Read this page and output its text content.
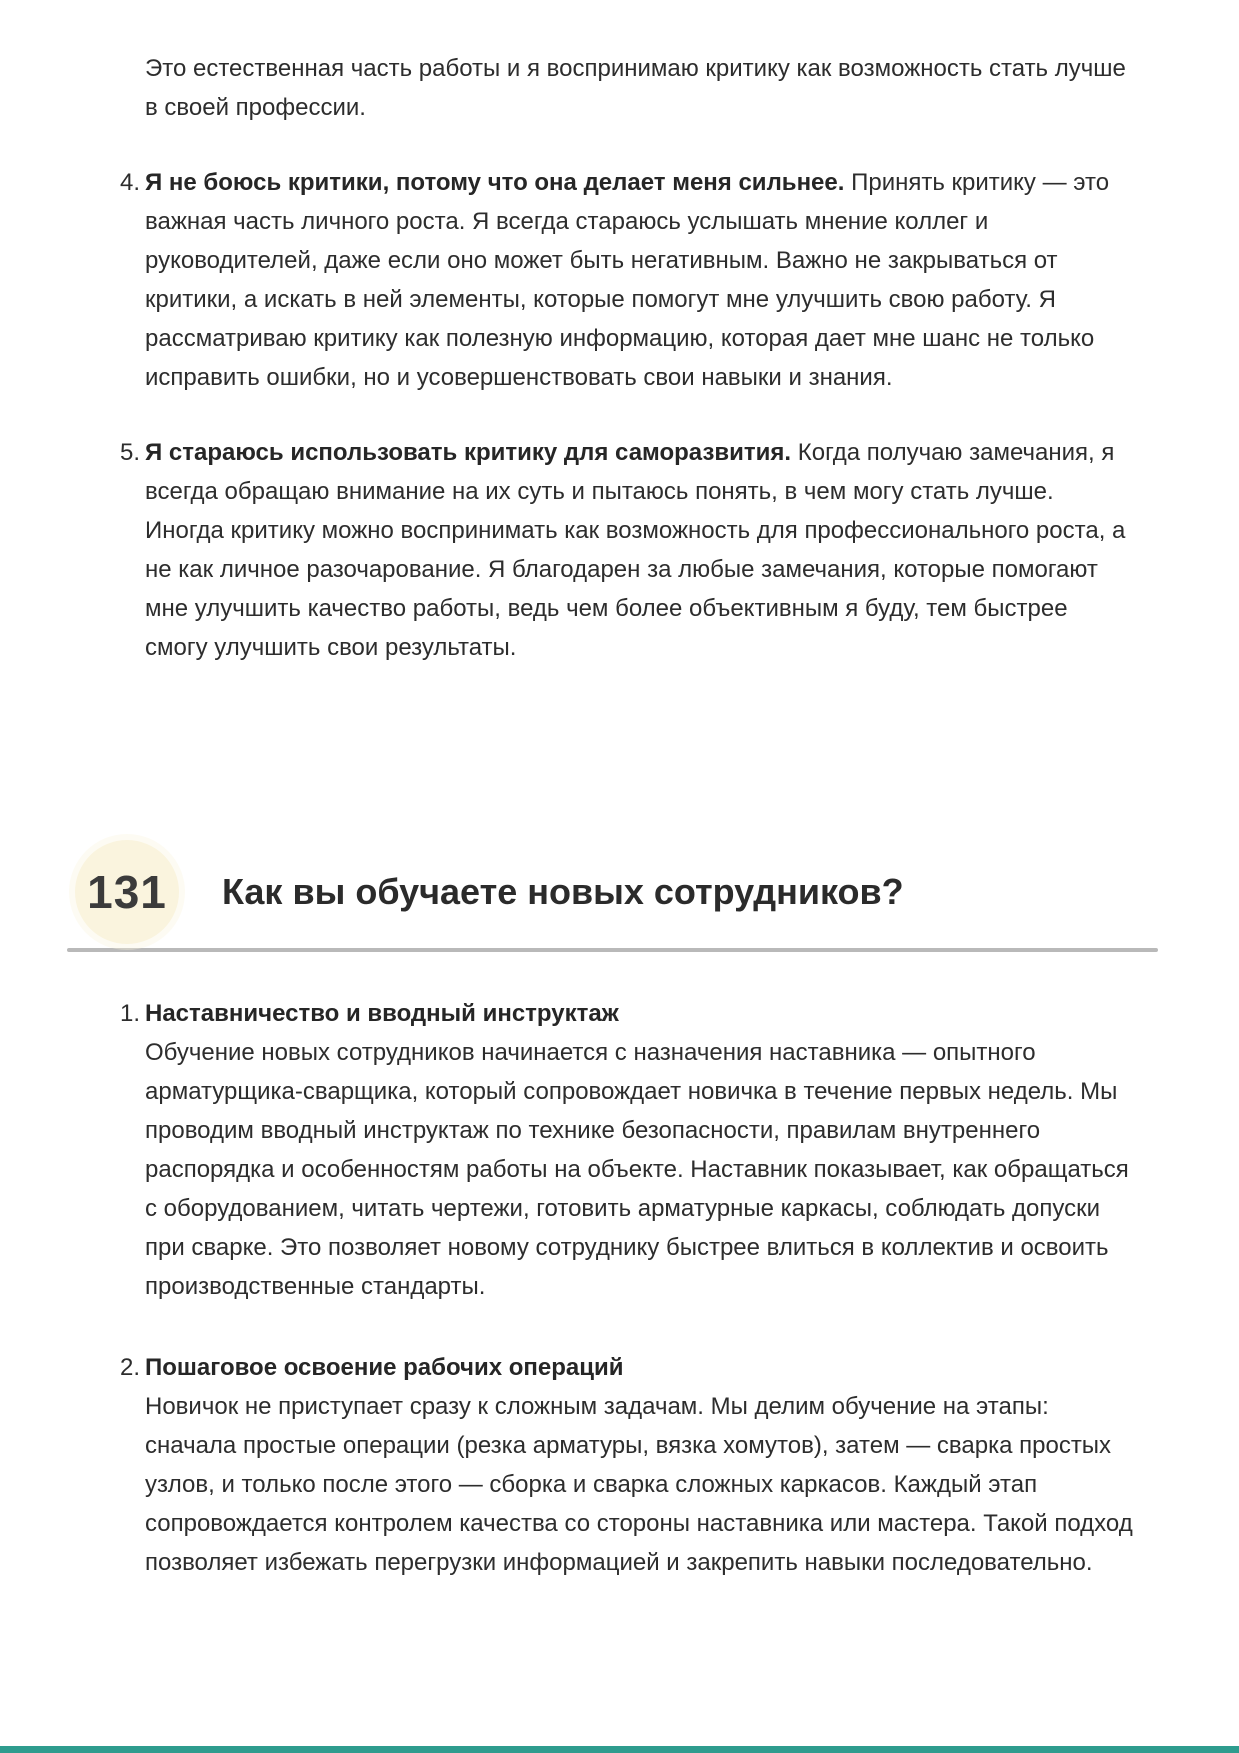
Это естественная часть работы и я воспринимаю критику как возможность стать лучше в своей профессии.

4. Я не боюсь критики, потому что она делает меня сильнее. Принять критику — это важная часть личного роста. Я всегда стараюсь услышать мнение коллег и руководителей, даже если оно может быть негативным. Важно не закрываться от критики, а искать в ней элементы, которые помогут мне улучшить свою работу. Я рассматриваю критику как полезную информацию, которая дает мне шанс не только исправить ошибки, но и усовершенствовать свои навыки и знания.
5. Я стараюсь использовать критику для саморазвития. Когда получаю замечания, я всегда обращаю внимание на их суть и пытаюсь понять, в чем могу стать лучше. Иногда критику можно воспринимать как возможность для профессионального роста, а не как личное разочарование. Я благодарен за любые замечания, которые помогают мне улучшить качество работы, ведь чем более объективным я буду, тем быстрее смогу улучшить свои результаты.
131 Как вы обучаете новых сотрудников?
1. Наставничество и вводный инструктаж
Обучение новых сотрудников начинается с назначения наставника — опытного арматурщика-сварщика, который сопровождает новичка в течение первых недель. Мы проводим вводный инструктаж по технике безопасности, правилам внутреннего распорядка и особенностям работы на объекте. Наставник показывает, как обращаться с оборудованием, читать чертежи, готовить арматурные каркасы, соблюдать допуски при сварке. Это позволяет новому сотруднику быстрее влиться в коллектив и освоить производственные стандарты.
2. Пошаговое освоение рабочих операций
Новичок не приступает сразу к сложным задачам. Мы делим обучение на этапы: сначала простые операции (резка арматуры, вязка хомутов), затем — сварка простых узлов, и только после этого — сборка и сварка сложных каркасов. Каждый этап сопровождается контролем качества со стороны наставника или мастера. Такой подход позволяет избежать перегрузки информацией и закрепить навыки последовательно.
